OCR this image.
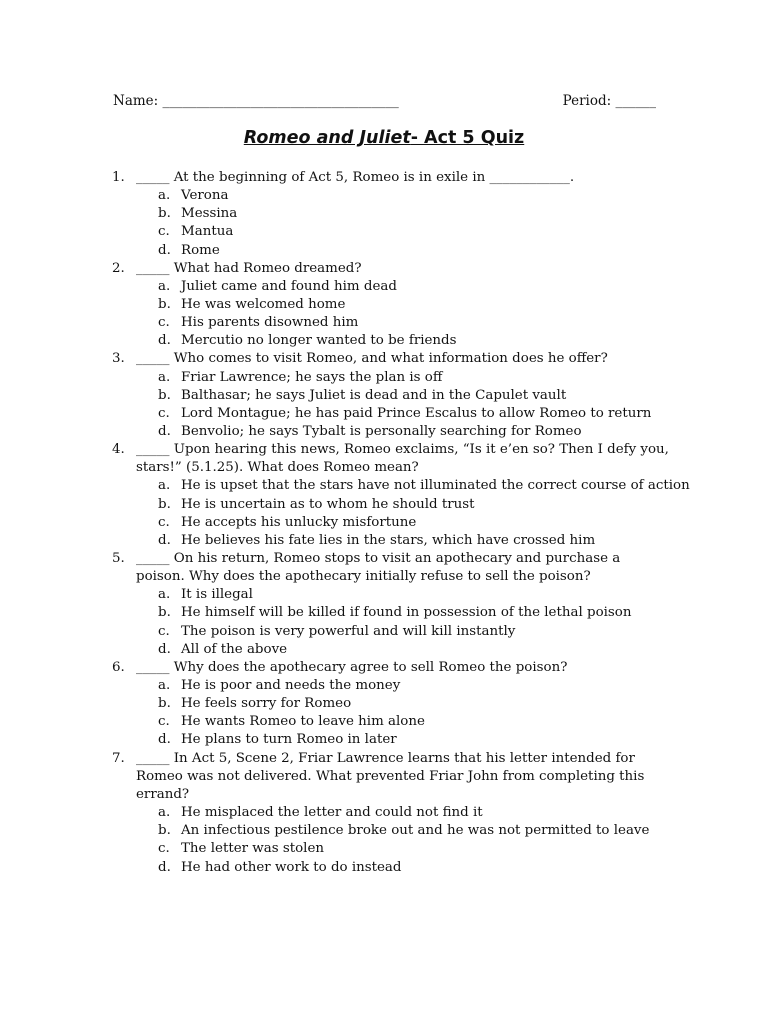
Name: ___________________________________	Period: ______
Romeo and Juliet- Act 5 Quiz
1. _____ At the beginning of Act 5, Romeo is in exile in ____________.
a. Verona
b. Messina
c. Mantua
d. Rome
2. _____ What had Romeo dreamed?
a. Juliet came and found him dead
b. He was welcomed home
c. His parents disowned him
d. Mercutio no longer wanted to be friends
3. _____ Who comes to visit Romeo, and what information does he offer?
a. Friar Lawrence; he says the plan is off
b. Balthasar; he says Juliet is dead and in the Capulet vault
c. Lord Montague; he has paid Prince Escalus to allow Romeo to return
d. Benvolio; he says Tybalt is personally searching for Romeo
4. _____ Upon hearing this news, Romeo exclaims, “Is it e’en so? Then I defy you, stars!” (5.1.25). What does Romeo mean?
a. He is upset that the stars have not illuminated the correct course of action
b. He is uncertain as to whom he should trust
c. He accepts his unlucky misfortune
d. He believes his fate lies in the stars, which have crossed him
5. _____ On his return, Romeo stops to visit an apothecary and purchase a poison. Why does the apothecary initially refuse to sell the poison?
a. It is illegal
b. He himself will be killed if found in possession of the lethal poison
c. The poison is very powerful and will kill instantly
d. All of the above
6. _____ Why does the apothecary agree to sell Romeo the poison?
a. He is poor and needs the money
b. He feels sorry for Romeo
c. He wants Romeo to leave him alone
d. He plans to turn Romeo in later
7. _____ In Act 5, Scene 2, Friar Lawrence learns that his letter intended for Romeo was not delivered. What prevented Friar John from completing this errand?
a. He misplaced the letter and could not find it
b. An infectious pestilence broke out and he was not permitted to leave
c. The letter was stolen
d. He had other work to do instead
